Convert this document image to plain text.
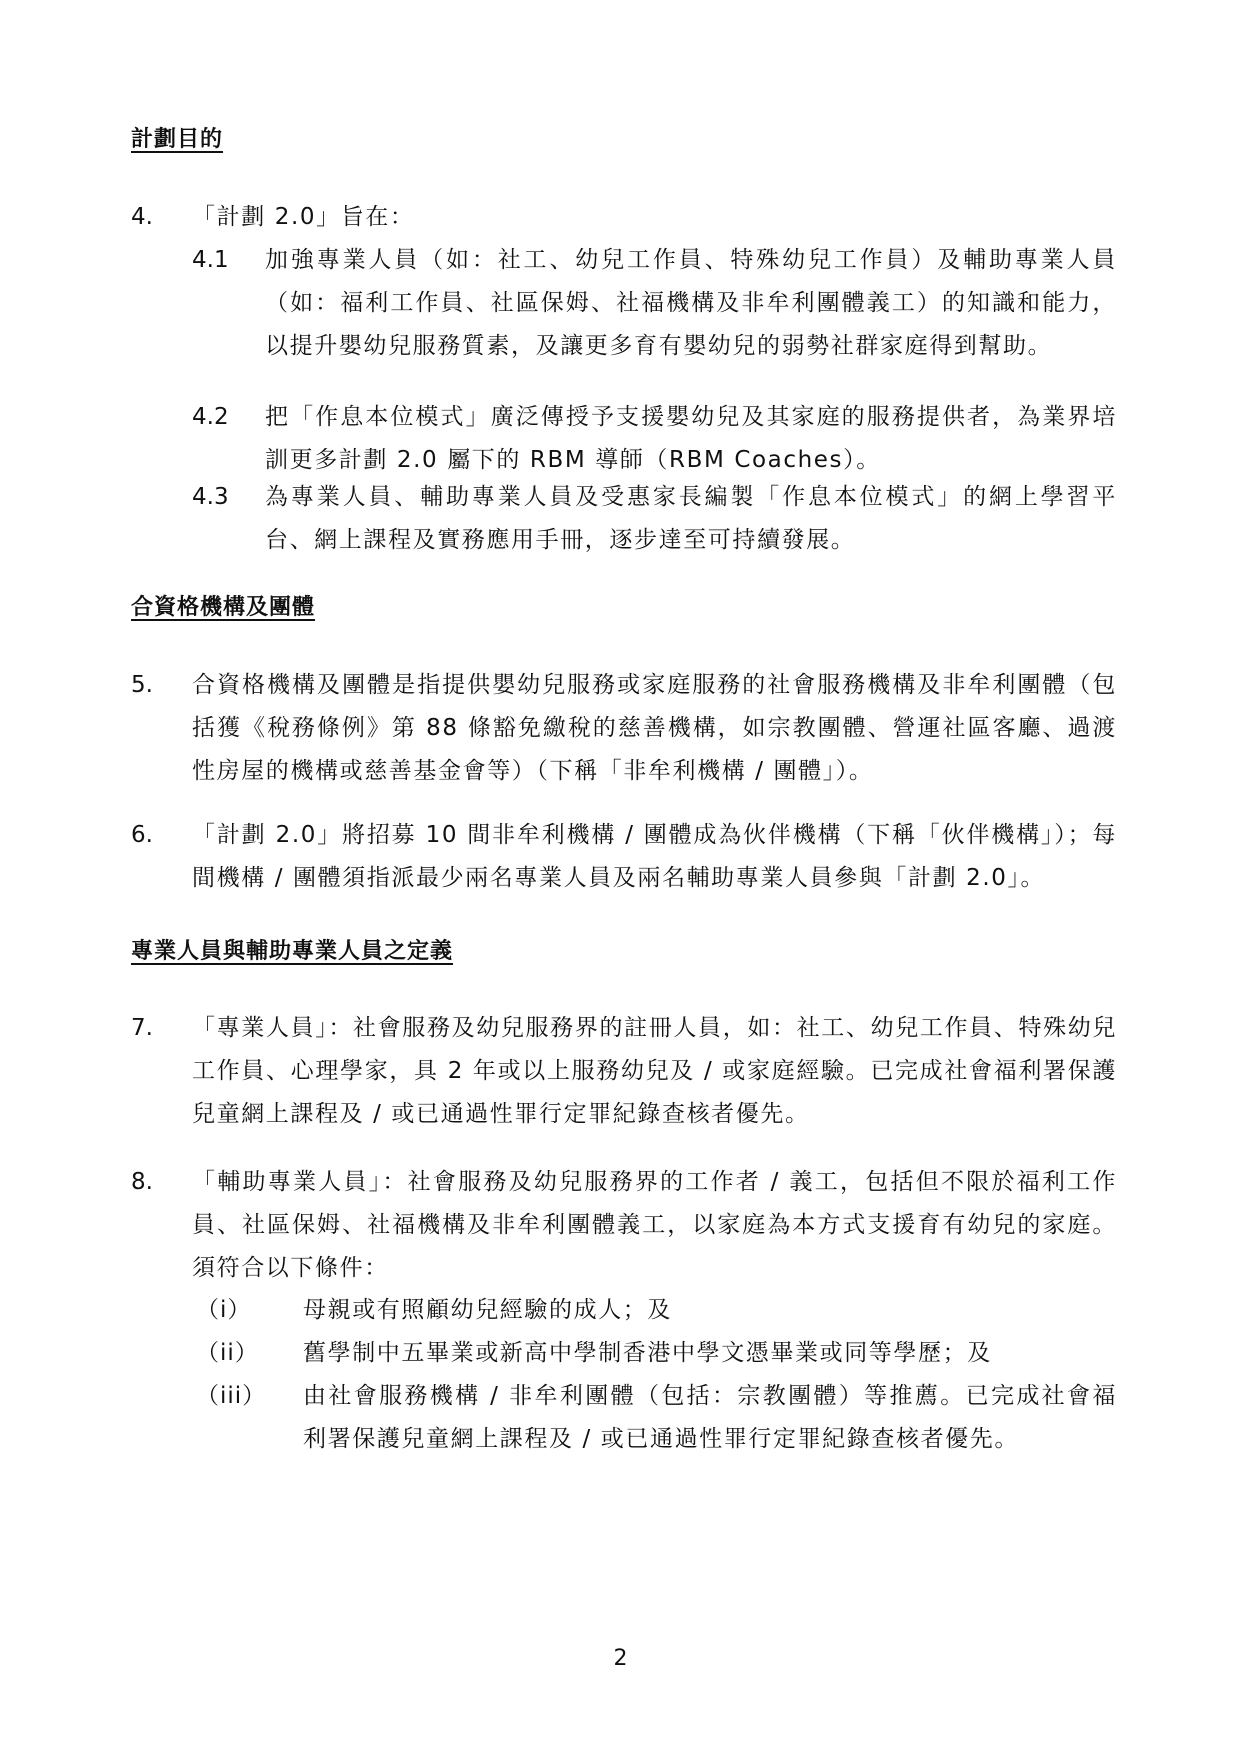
計劃目的
4. 「計劃 2.0」旨在：
4.1 加強專業人員（如：社工、幼兒工作員、特殊幼兒工作員）及輔助專業人員（如：福利工作員、社區保姆、社福機構及非牟利團體義工）的知識和能力，以提升嬰幼兒服務質素，及讓更多育有嬰幼兒的弱勢社群家庭得到幫助。
4.2 把「作息本位模式」廣泛傳授予支援嬰幼兒及其家庭的服務提供者，為業界培訓更多計劃 2.0 屬下的 RBM 導師（RBM Coaches）。
4.3 為專業人員、輔助專業人員及受惠家長編製「作息本位模式」的網上學習平台、網上課程及實務應用手冊，逐步達至可持續發展。
合資格機構及團體
5. 合資格機構及團體是指提供嬰幼兒服務或家庭服務的社會服務機構及非牟利團體（包括獲《稅務條例》第 88 條豁免繳稅的慈善機構，如宗教團體、營運社區客廳、過渡性房屋的機構或慈善基金會等）（下稱「非牟利機構 / 團體」）。
6. 「計劃 2.0」將招募 10 間非牟利機構 / 團體成為伙伴機構（下稱「伙伴機構」）；每間機構 / 團體須指派最少兩名專業人員及兩名輔助專業人員參與「計劃 2.0」。
專業人員與輔助專業人員之定義
7. 「專業人員」：社會服務及幼兒服務界的註冊人員，如：社工、幼兒工作員、特殊幼兒工作員、心理學家，具 2 年或以上服務幼兒及 / 或家庭經驗。已完成社會福利署保護兒童網上課程及 / 或已通過性罪行定罪紀錄查核者優先。
8. 「輔助專業人員」：社會服務及幼兒服務界的工作者 / 義工，包括但不限於福利工作員、社區保姆、社福機構及非牟利團體義工，以家庭為本方式支援育有幼兒的家庭。須符合以下條件：
（i） 母親或有照顧幼兒經驗的成人；及
（ii） 舊學制中五畢業或新高中學制香港中學文憑畢業或同等學歷；及
（iii） 由社會服務機構 / 非牟利團體（包括：宗教團體）等推薦。已完成社會福利署保護兒童網上課程及 / 或已通過性罪行定罪紀錄查核者優先。
2
